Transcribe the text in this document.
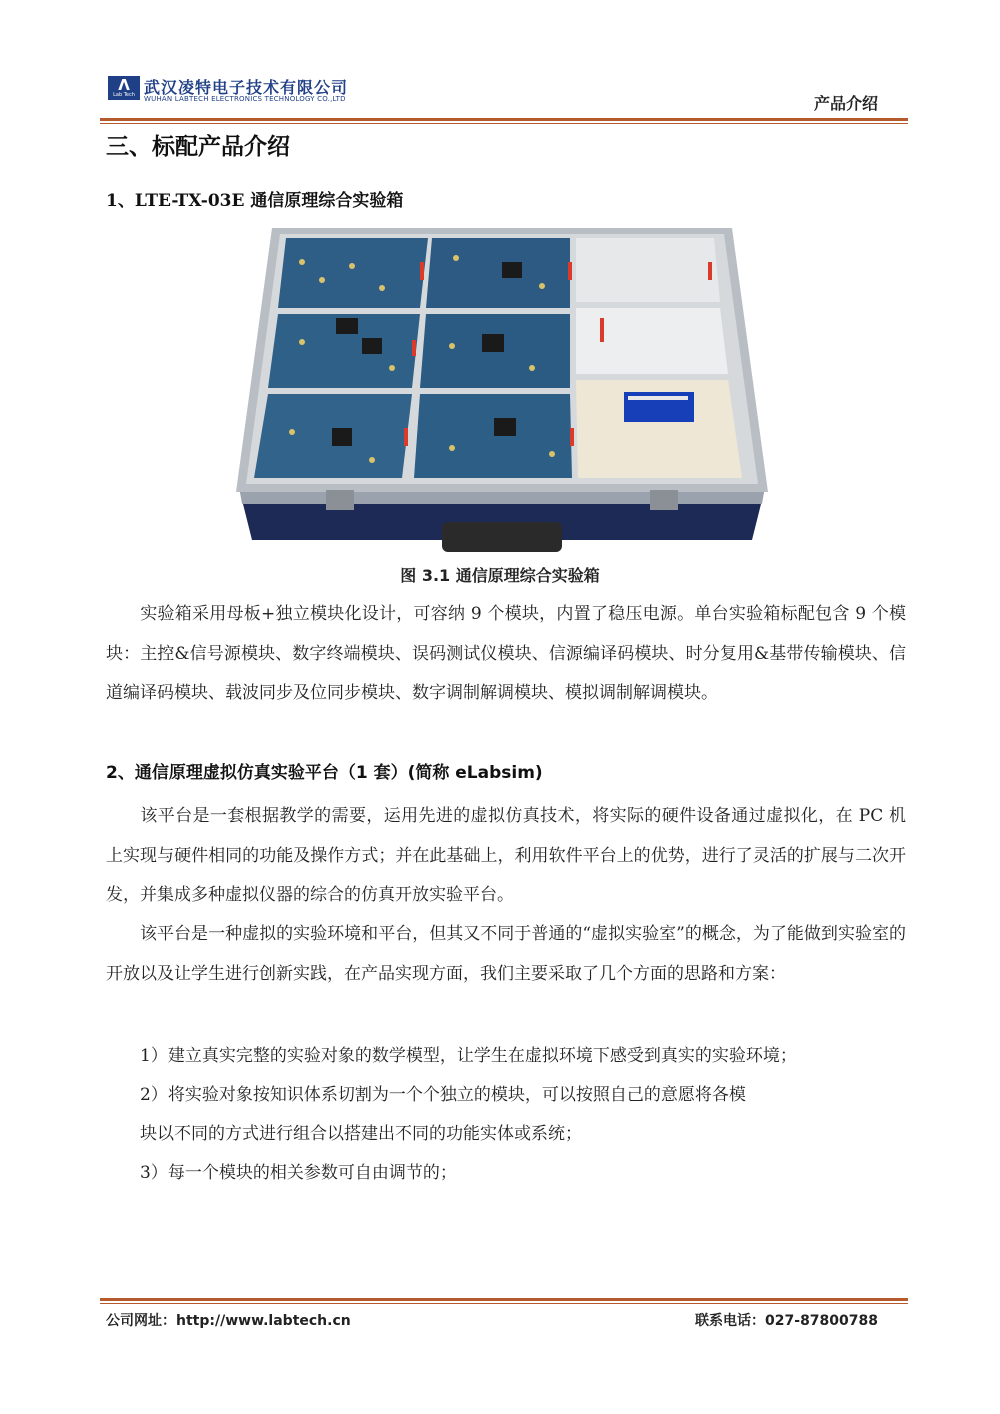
Λ
Lab Tech 武汉凌特电子技术有限公司
WUHAN LABTECH ELECTRONICS TECHNOLOGY CO.,LTD	产品介绍
三、标配产品介绍
1、LTE-TX-03E 通信原理综合实验箱
图 3.1 通信原理综合实验箱

实验箱采用母板+独立模块化设计，可容纳 9 个模块，内置了稳压电源。单台实验箱标配包含 9 个模块：主控&信号源模块、数字终端模块、误码测试仪模块、信源编译码模块、时分复用&基带传输模块、信道编译码模块、载波同步及位同步模块、数字调制解调模块、模拟调制解调模块。

2、通信原理虚拟仿真实验平台（1 套）(简称 eLabsim)

该平台是一套根据教学的需要，运用先进的虚拟仿真技术，将实际的硬件设备通过虚拟化，在 PC 机上实现与硬件相同的功能及操作方式；并在此基础上，利用软件平台上的优势，进行了灵活的扩展与二次开发，并集成多种虚拟仪器的综合的仿真开放实验平台。

该平台是一种虚拟的实验环境和平台，但其又不同于普通的“虚拟实验室”的概念，为了能做到实验室的开放以及让学生进行创新实践，在产品实现方面，我们主要采取了几个方面的思路和方案：

1）建立真实完整的实验对象的数学模型，让学生在虚拟环境下感受到真实的实验环境；
2）将实验对象按知识体系切割为一个个独立的模块，可以按照自己的意愿将各模
块以不同的方式进行组合以搭建出不同的功能实体或系统；
3）每一个模块的相关参数可自由调节的；
公司网址：http://www.labtech.cn	联系电话：027-87800788
